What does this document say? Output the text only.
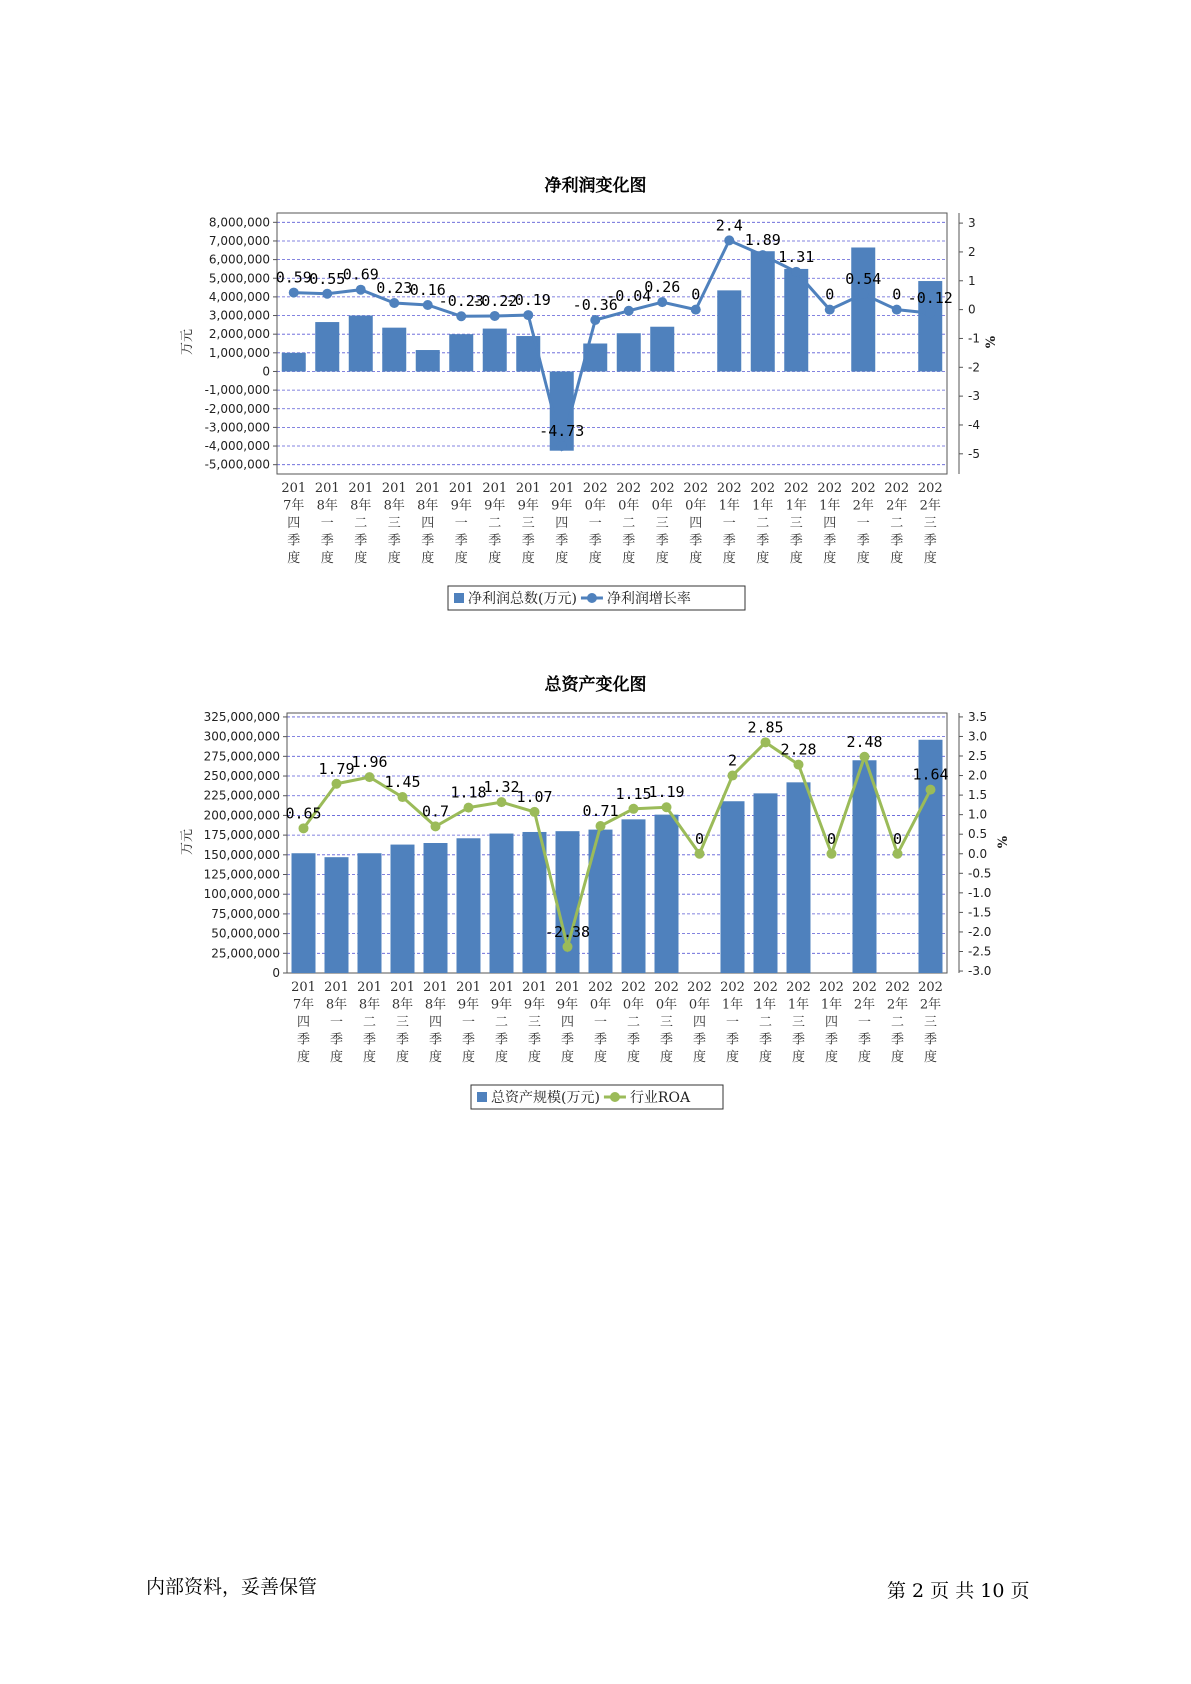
净利润变化图
8,000,000
7,000,000
6,000,000
5,000,000
4,000,000
3,000,000
2,000,000
1,000,000
0
-1,000,000
-2,000,000
-3,000,000
-4,000,000
-5,000,000
3
2
1
0
-1
-2
-3
-4
-5
万元	%
0.59
0.55
0.69
0.23
0.16
-0.23
-0.22
-0.19
-4.73
-0.36
-0.04
0.26 0
2.4
1.89
1.31
0
0.54
0 -0.12
201 7年四季度
201 8年一季度
201 8年二季度
201 8年三季度
201 8年四季度
201 9年一季度
201 9年二季度
201 9年三季度
201 9年四季度
202 0年一季度
202 0年二季度
202 0年三季度
202 0年四季度
202 1年一季度
202 1年二季度
202 1年三季度
202 1年四季度
202 2年一季度
202 2年二季度
202 2年三季度
净利润总数(万元) 净利润增长率
总资产变化图
325,000,000
300,000,000
275,000,000
250,000,000
225,000,000
200,000,000
175,000,000
150,000,000
125,000,000
100,000,000
75,000,000
50,000,000
25,000,000
0
3.5
3.0
2.5
2.0
1.5
1.0
0.5
0.0
-0.5
-1.0
-1.5
-2.0
-2.5
-3.0
万元	%
0.65
1.79
1.96
1.45
0.7
1.18
1.32
1.07
-2.38
0.71
1.15
1.19
0
2
2.85
2.28
0
2.48
0
1.64
201 7年四季度
201 8年一季度
201 8年二季度
201 8年三季度
201 8年四季度
201 9年一季度
201 9年二季度
201 9年三季度
201 9年四季度
202 0年一季度
202 0年二季度
202 0年三季度
202 0年四季度
202 1年一季度
202 1年二季度
202 1年三季度
202 1年四季度
202 2年一季度
202 2年二季度
202 2年三季度
总资产规模(万元) 行业ROA
内部资料，妥善保管	第 2 页 共 10 页
